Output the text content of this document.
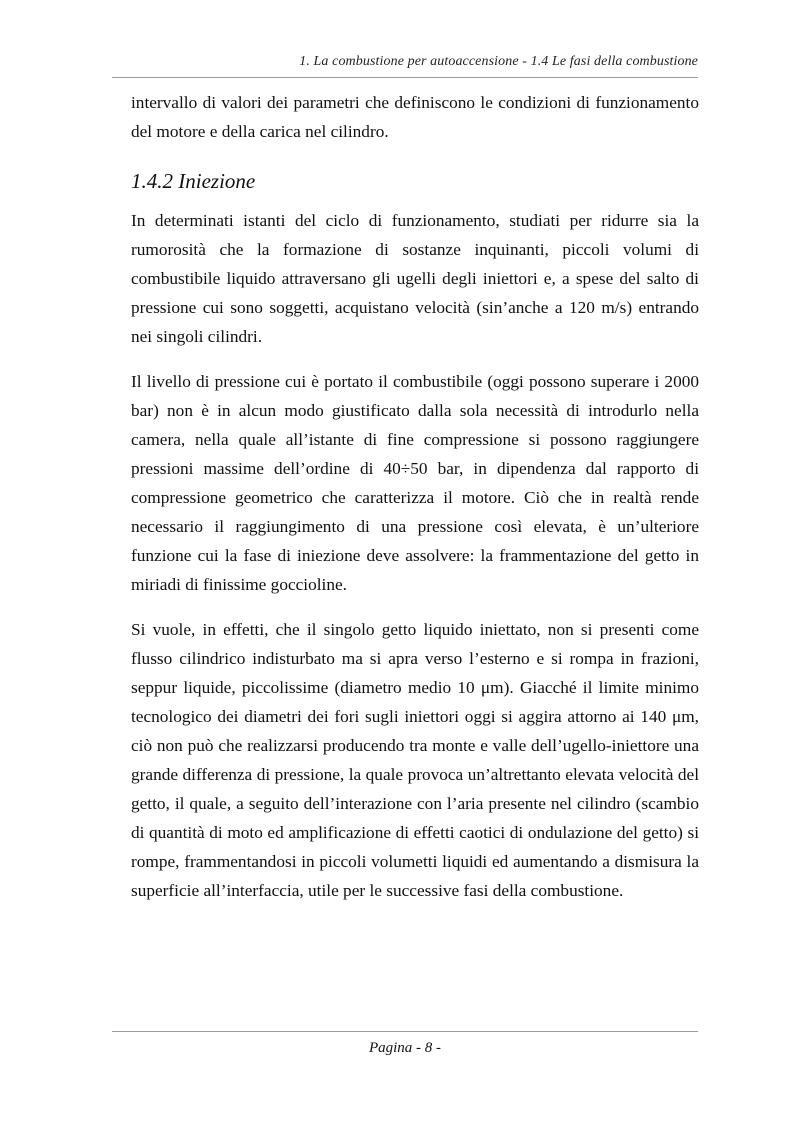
1. La combustione per autoaccensione - 1.4 Le fasi della combustione

intervallo di valori dei parametri che definiscono le condizioni di funzionamento del motore e della carica nel cilindro.

1.4.2 Iniezione

In determinati istanti del ciclo di funzionamento, studiati per ridurre sia la rumorosità che la formazione di sostanze inquinanti, piccoli volumi di combustibile liquido attraversano gli ugelli degli iniettori e, a spese del salto di pressione cui sono soggetti, acquistano velocità (sin’anche a 120 m/s) entrando nei singoli cilindri.

Il livello di pressione cui è portato il combustibile (oggi possono superare i 2000 bar) non è in alcun modo giustificato dalla sola necessità di introdurlo nella camera, nella quale all’istante di fine compressione si possono raggiungere pressioni massime dell’ordine di 40÷50 bar, in dipendenza dal rapporto di compressione geometrico che caratterizza il motore. Ciò che in realtà rende necessario il raggiungimento di una pressione così elevata, è un’ulteriore funzione cui la fase di iniezione deve assolvere: la frammentazione del getto in miriadi di finissime goccioline.

Si vuole, in effetti, che il singolo getto liquido iniettato, non si presenti come flusso cilindrico indisturbato ma si apra verso l’esterno e si rompa in frazioni, seppur liquide, piccolissime (diametro medio 10 μm). Giacché il limite minimo tecnologico dei diametri dei fori sugli iniettori oggi si aggira attorno ai 140 μm, ciò non può che realizzarsi producendo tra monte e valle dell’ugello-iniettore una grande differenza di pressione, la quale provoca un’altrettanto elevata velocità del getto, il quale, a seguito dell’interazione con l’aria presente nel cilindro (scambio di quantità di moto ed amplificazione di effetti caotici di ondulazione del getto) si rompe, frammentandosi in piccoli volumetti liquidi ed aumentando a dismisura la superficie all’interfaccia, utile per le successive fasi della combustione.

Pagina - 8 -
